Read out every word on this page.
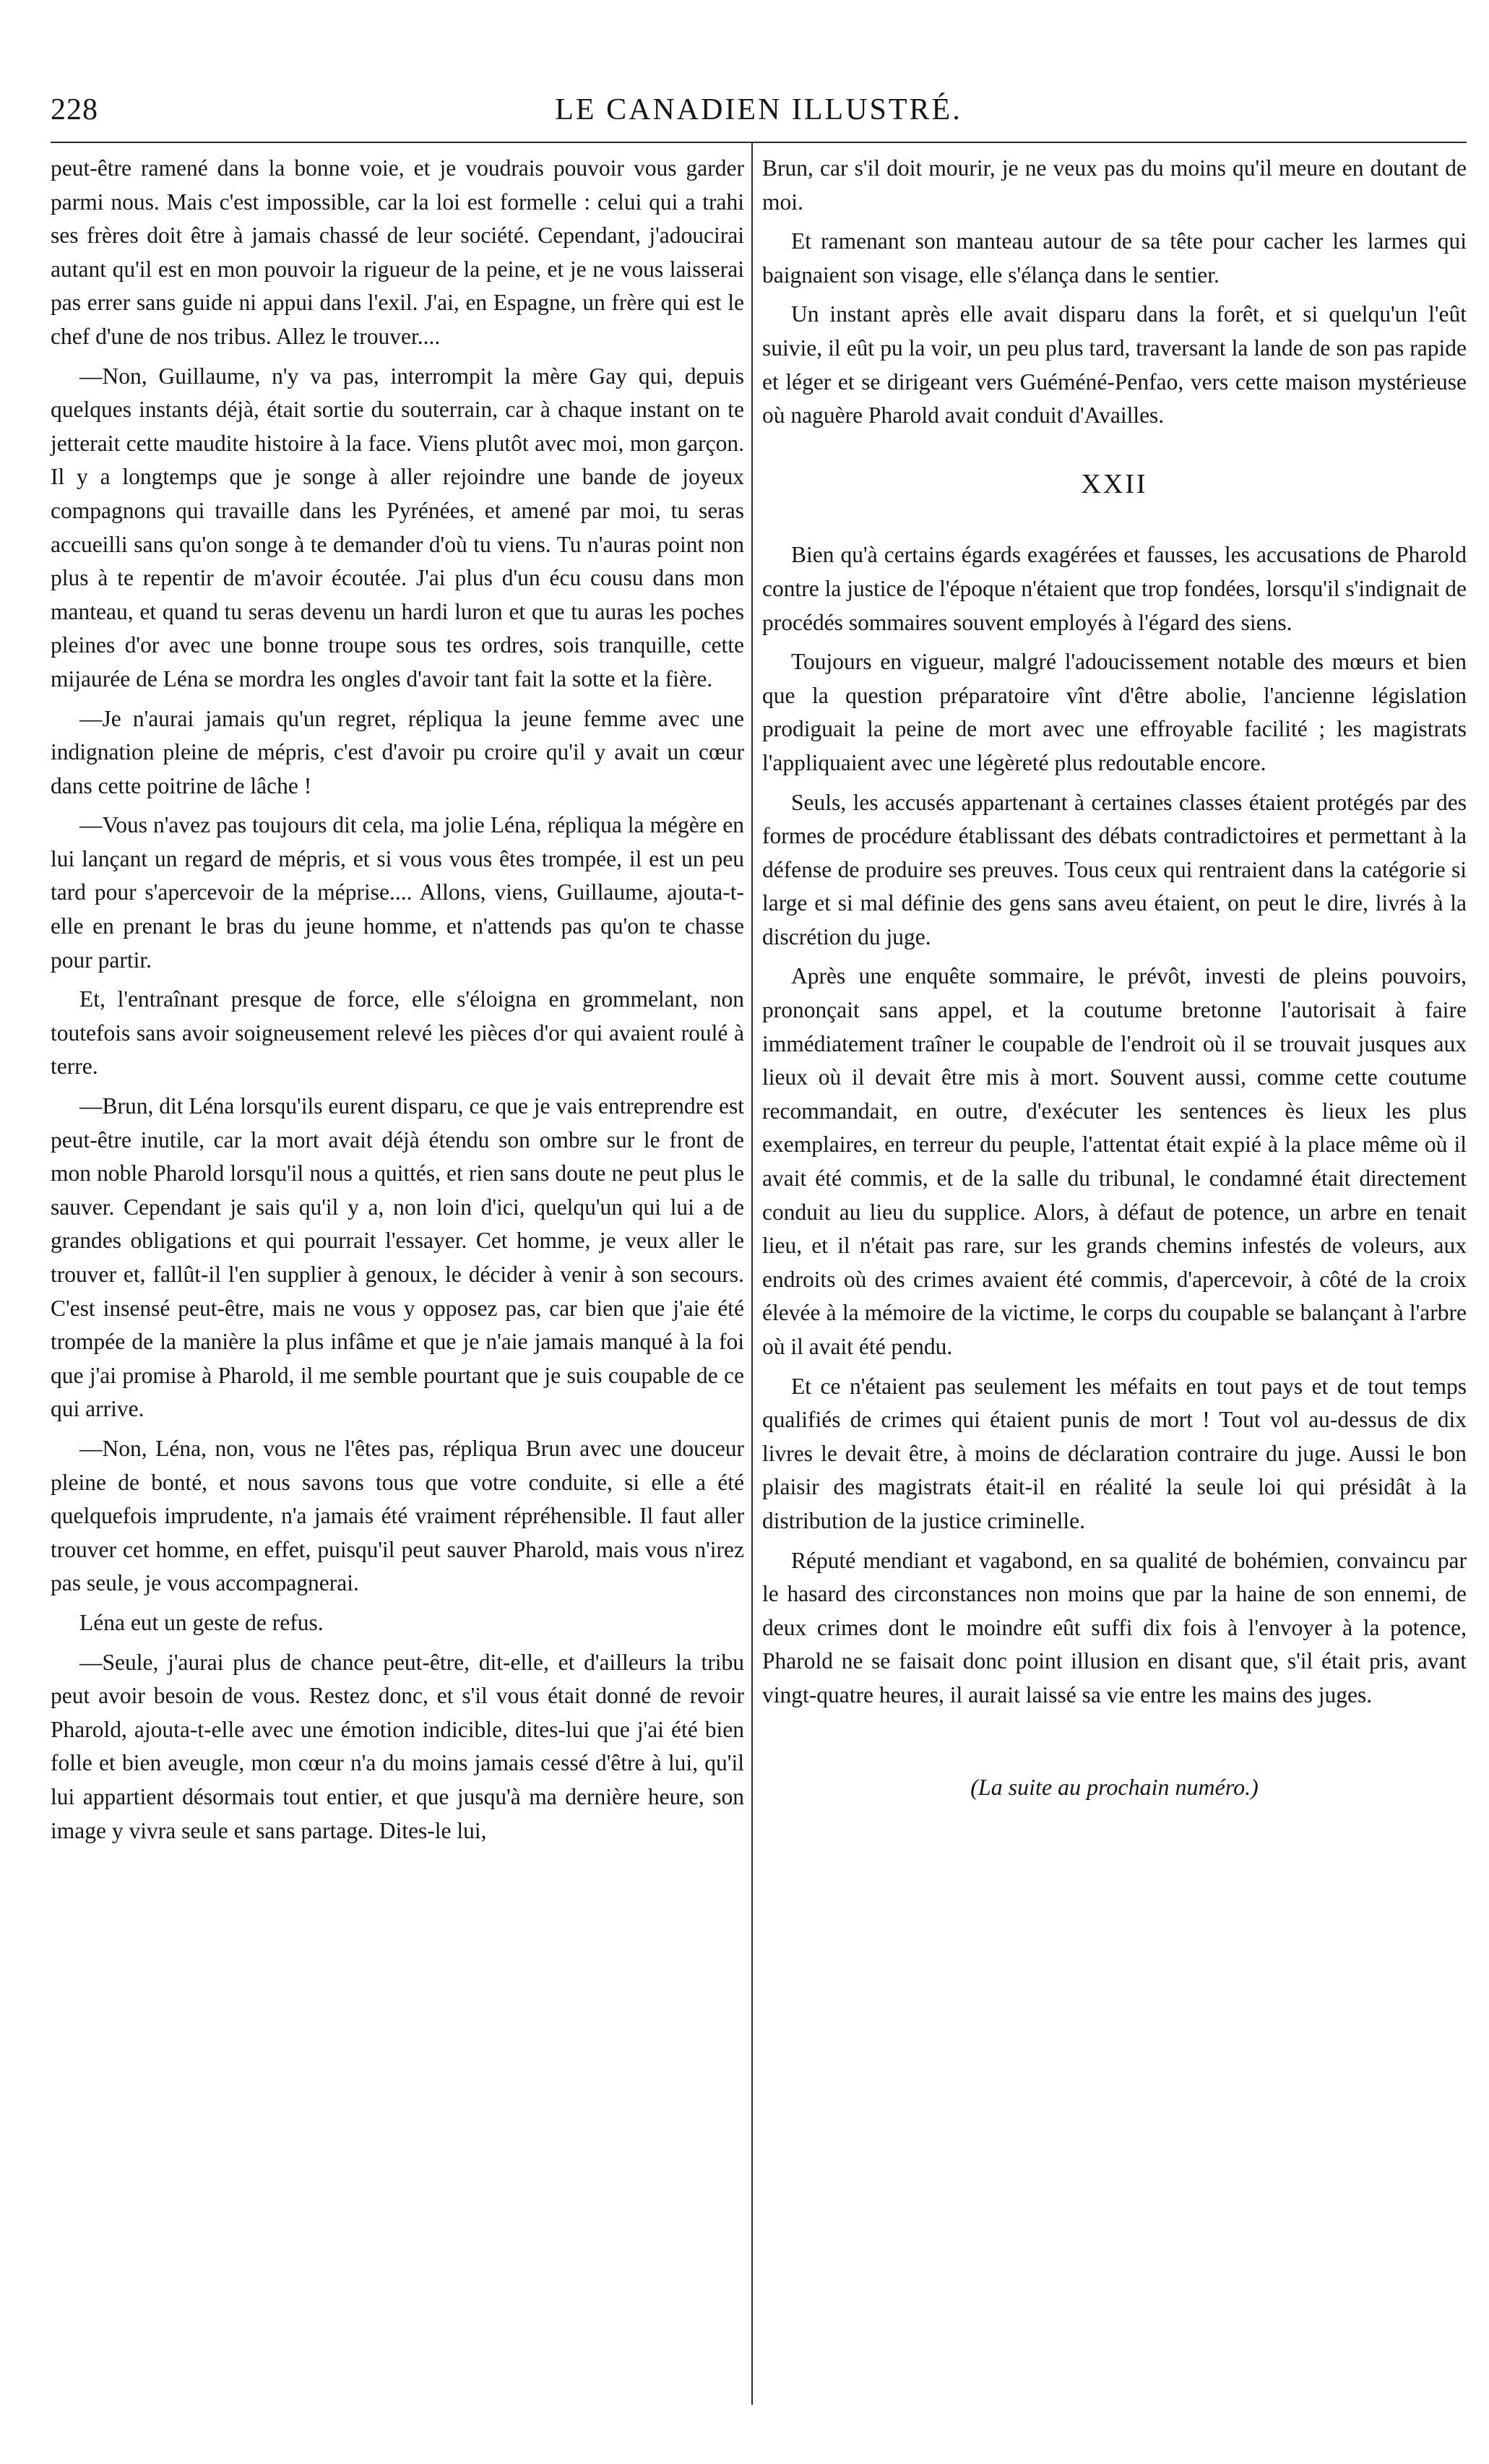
228	LE CANADIEN ILLUSTRÉ.

peut-être ramené dans la bonne voie, et je voudrais pouvoir vous garder parmi nous. Mais c'est impossible, car la loi est formelle : celui qui a trahi ses frères doit être à jamais chassé de leur société. Cependant, j'adoucirai autant qu'il est en mon pouvoir la rigueur de la peine, et je ne vous laisserai pas errer sans guide ni appui dans l'exil. J'ai, en Espagne, un frère qui est le chef d'une de nos tribus. Allez le trouver....

—Non, Guillaume, n'y va pas, interrompit la mère Gay qui, depuis quelques instants déjà, était sortie du souterrain, car à chaque instant on te jetterait cette maudite histoire à la face. Viens plutôt avec moi, mon garçon. Il y a longtemps que je songe à aller rejoindre une bande de joyeux compagnons qui travaille dans les Pyrénées, et amené par moi, tu seras accueilli sans qu'on songe à te demander d'où tu viens. Tu n'auras point non plus à te repentir de m'avoir écoutée. J'ai plus d'un écu cousu dans mon manteau, et quand tu seras devenu un hardi luron et que tu auras les poches pleines d'or avec une bonne troupe sous tes ordres, sois tranquille, cette mijaurée de Léna se mordra les ongles d'avoir tant fait la sotte et la fière.

—Je n'aurai jamais qu'un regret, répliqua la jeune femme avec une indignation pleine de mépris, c'est d'avoir pu croire qu'il y avait un cœur dans cette poitrine de lâche !

—Vous n'avez pas toujours dit cela, ma jolie Léna, répliqua la mégère en lui lançant un regard de mépris, et si vous vous êtes trompée, il est un peu tard pour s'apercevoir de la méprise.... Allons, viens, Guillaume, ajouta-t-elle en prenant le bras du jeune homme, et n'attends pas qu'on te chasse pour partir.

Et, l'entraînant presque de force, elle s'éloigna en grommelant, non toutefois sans avoir soigneusement relevé les pièces d'or qui avaient roulé à terre.

—Brun, dit Léna lorsqu'ils eurent disparu, ce que je vais entreprendre est peut-être inutile, car la mort avait déjà étendu son ombre sur le front de mon noble Pharold lorsqu'il nous a quittés, et rien sans doute ne peut plus le sauver. Cependant je sais qu'il y a, non loin d'ici, quelqu'un qui lui a de grandes obligations et qui pourrait l'essayer. Cet homme, je veux aller le trouver et, fallût-il l'en supplier à genoux, le décider à venir à son secours. C'est insensé peut-être, mais ne vous y opposez pas, car bien que j'aie été trompée de la manière la plus infâme et que je n'aie jamais manqué à la foi que j'ai promise à Pharold, il me semble pourtant que je suis coupable de ce qui arrive.

—Non, Léna, non, vous ne l'êtes pas, répliqua Brun avec une douceur pleine de bonté, et nous savons tous que votre conduite, si elle a été quelquefois imprudente, n'a jamais été vraiment répréhensible. Il faut aller trouver cet homme, en effet, puisqu'il peut sauver Pharold, mais vous n'irez pas seule, je vous accompagnerai.

Léna eut un geste de refus.

—Seule, j'aurai plus de chance peut-être, dit-elle, et d'ailleurs la tribu peut avoir besoin de vous. Restez donc, et s'il vous était donné de revoir Pharold, ajouta-t-elle avec une émotion indicible, dites-lui que j'ai été bien folle et bien aveugle, mon cœur n'a du moins jamais cessé d'être à lui, qu'il lui appartient désormais tout entier, et que jusqu'à ma dernière heure, son image y vivra seule et sans partage. Dites-le lui,

Brun, car s'il doit mourir, je ne veux pas du moins qu'il meure en doutant de moi.

Et ramenant son manteau autour de sa tête pour cacher les larmes qui baignaient son visage, elle s'élança dans le sentier.

Un instant après elle avait disparu dans la forêt, et si quelqu'un l'eût suivie, il eût pu la voir, un peu plus tard, traversant la lande de son pas rapide et léger et se dirigeant vers Guéméné-Penfao, vers cette maison mystérieuse où naguère Pharold avait conduit d'Availles.

XXII

Bien qu'à certains égards exagérées et fausses, les accusations de Pharold contre la justice de l'époque n'étaient que trop fondées, lorsqu'il s'indignait de procédés sommaires souvent employés à l'égard des siens.

Toujours en vigueur, malgré l'adoucissement notable des mœurs et bien que la question préparatoire vînt d'être abolie, l'ancienne législation prodiguait la peine de mort avec une effroyable facilité ; les magistrats l'appliquaient avec une légèreté plus redoutable encore.

Seuls, les accusés appartenant à certaines classes étaient protégés par des formes de procédure établissant des débats contradictoires et permettant à la défense de produire ses preuves. Tous ceux qui rentraient dans la catégorie si large et si mal définie des gens sans aveu étaient, on peut le dire, livrés à la discrétion du juge.

Après une enquête sommaire, le prévôt, investi de pleins pouvoirs, prononçait sans appel, et la coutume bretonne l'autorisait à faire immédiatement traîner le coupable de l'endroit où il se trouvait jusques aux lieux où il devait être mis à mort. Souvent aussi, comme cette coutume recommandait, en outre, d'exécuter les sentences ès lieux les plus exemplaires, en terreur du peuple, l'attentat était expié à la place même où il avait été commis, et de la salle du tribunal, le condamné était directement conduit au lieu du supplice. Alors, à défaut de potence, un arbre en tenait lieu, et il n'était pas rare, sur les grands chemins infestés de voleurs, aux endroits où des crimes avaient été commis, d'apercevoir, à côté de la croix élevée à la mémoire de la victime, le corps du coupable se balançant à l'arbre où il avait été pendu.

Et ce n'étaient pas seulement les méfaits en tout pays et de tout temps qualifiés de crimes qui étaient punis de mort ! Tout vol au-dessus de dix livres le devait être, à moins de déclaration contraire du juge. Aussi le bon plaisir des magistrats était-il en réalité la seule loi qui présidât à la distribution de la justice criminelle.

Réputé mendiant et vagabond, en sa qualité de bohémien, convaincu par le hasard des circonstances non moins que par la haine de son ennemi, de deux crimes dont le moindre eût suffi dix fois à l'envoyer à la potence, Pharold ne se faisait donc point illusion en disant que, s'il était pris, avant vingt-quatre heures, il aurait laissé sa vie entre les mains des juges.

(La suite au prochain numéro.)
